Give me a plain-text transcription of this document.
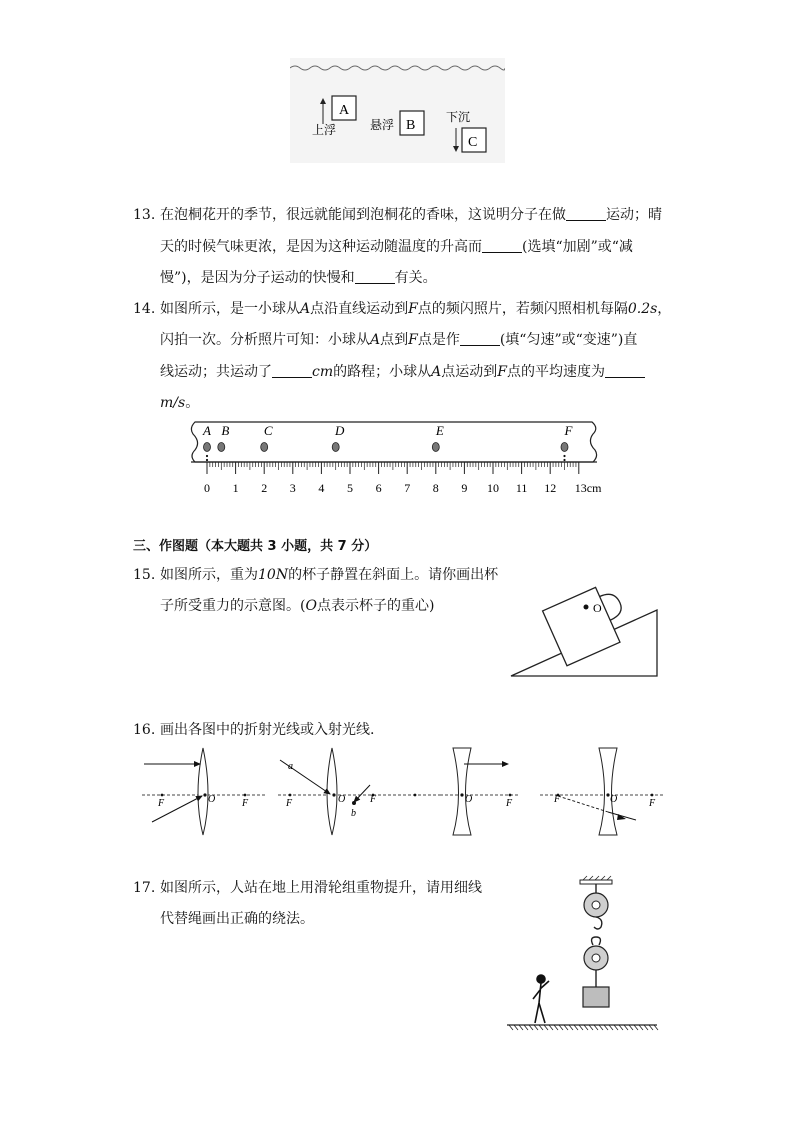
A
上浮	悬浮 B
下沉
C
13. 在泡桐花开的季节，很远就能闻到泡桐花的香味，这说明分子在做	运动；晴
天的时候气味更浓，是因为这种运动随温度的升高而	(选填“加剧”或“减
慢”)，是因为分子运动的快慢和	有关。
14. 如图所示，是一小球从A点沿直线运动到F点的频闪照片，若频闪照相机每隔0.2s，
闪拍一次。分析照片可知：小球从A点到F点是作	(填“匀速”或“变速”)直
线运动；共运动了	cm的路程；小球从A点运动到F点的平均速度为
m/s。
0 1 2 3 4 5 6 7 8 9 10 11 12 13cm
A B	C	D	E	F
三、作图题（本大题共 3 小题，共 7 分）
15. 如图所示，重为10N的杯子静置在斜面上。请你画出杯
子所受重力的示意图。(O点表示杯子的重心)	O
16. 画出各图中的折射光线或入射光线.
F	O	F
a
b
F	O F	O	F	F	O	F
17. 如图所示，人站在地上用滑轮组重物提升，请用细线
代替绳画出正确的绕法。
